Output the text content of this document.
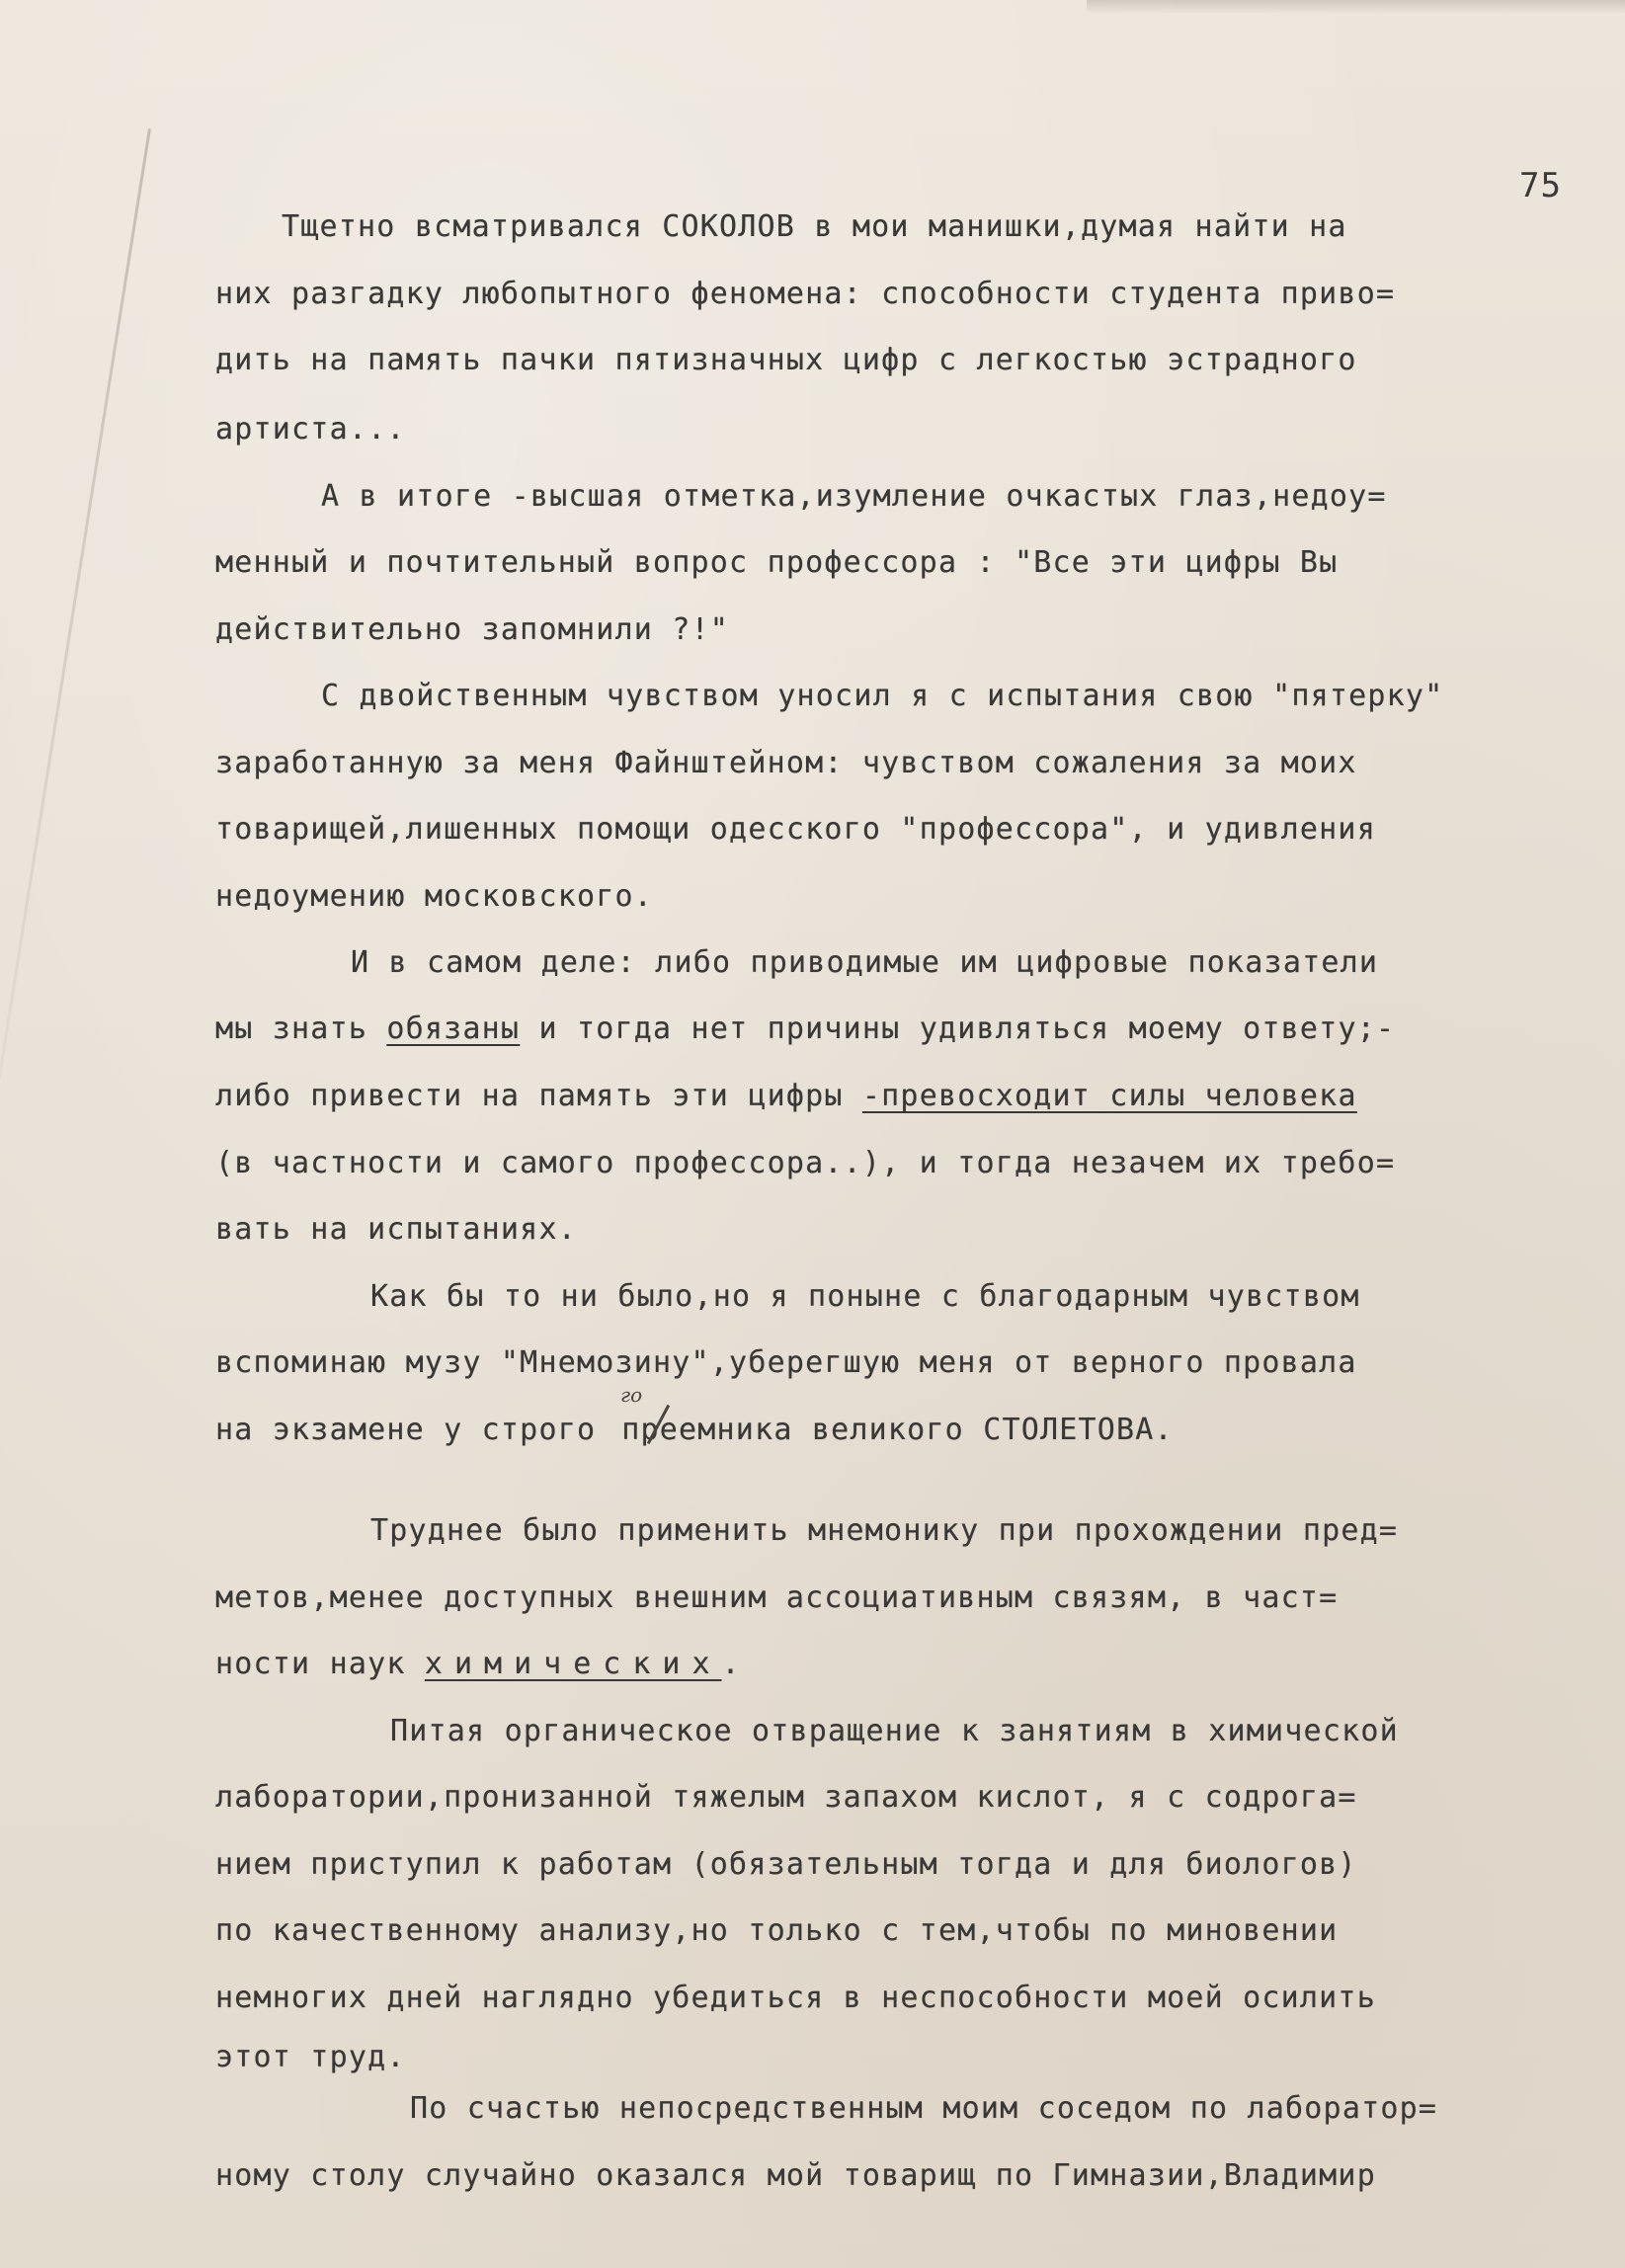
75
Тщетно всматривался СОКОЛОВ в мои манишки,думая найти на
них разгадку любопытного феномена: способности студента приво=
дить на память пачки пятизначных цифр с легкостью эстрадного
артиста...
А в итоге -высшая отметка,изумление очкастых глаз,недоу=
менный и почтительный вопрос профессора : "Все эти цифры Вы
действительно запомнили ?!"
С двойственным чувством уносил я с испытания свою "пятерку"
заработанную за меня Файнштейном: чувством сожаления за моих
товарищей,лишенных помощи одесского "профессора", и удивления
недоумению московского.
И в самом деле: либо приводимые им цифровые показатели
мы знать обязаны и тогда нет причины удивляться моему ответу;-
либо привести на память эти цифры -превосходит силы человека
(в частности и самого профессора..), и тогда незачем их требо=
вать на испытаниях.
Как бы то ни было,но я поныне с благодарным чувством
вспоминаю музу "Мнемозину",уберегшую меня от верного провала
на экзамене у строго преемника великого СТОЛЕТОВА.
го
Труднее было применить мнемонику при прохождении пред=
метов,менее доступных внешним ассоциативным связям, в част=
ности наук химических.
Питая органическое отвращение к занятиям в химической
лаборатории,пронизанной тяжелым запахом кислот, я с содрога=
нием приступил к работам (обязательным тогда и для биологов)
по качественному анализу,но только с тем,чтобы по миновении
немногих дней наглядно убедиться в неспособности моей осилить
этот труд.
По счастью непосредственным моим соседом по лаборатор=
ному столу случайно оказался мой товарищ по Гимназии,Владимир
